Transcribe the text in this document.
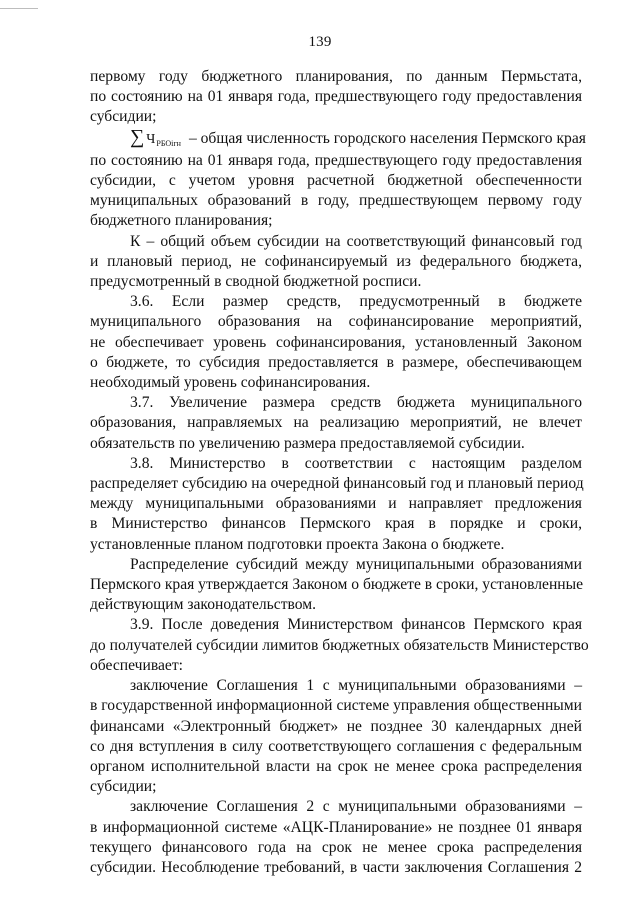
139
первому году бюджетного планирования, по данным Пермьстата,
по состоянию на 01 января года, предшествующего году предоставления
субсидии;
∑ Ч РБОiгн – общая численность городского населения Пермского края
по состоянию на 01 января года, предшествующего году предоставления
субсидии, с учетом уровня расчетной бюджетной обеспеченности
муниципальных образований в году, предшествующем первому году
бюджетного планирования;
К – общий объем субсидии на соответствующий финансовый год
и плановый период, не софинансируемый из федерального бюджета,
предусмотренный в сводной бюджетной росписи.
3.6. Если размер средств, предусмотренный в бюджете
муниципального образования на софинансирование мероприятий,
не обеспечивает уровень софинансирования, установленный Законом
о бюджете, то субсидия предоставляется в размере, обеспечивающем
необходимый уровень софинансирования.
3.7. Увеличение размера средств бюджета муниципального
образования, направляемых на реализацию мероприятий, не влечет
обязательств по увеличению размера предоставляемой субсидии.
3.8. Министерство в соответствии с настоящим разделом
распределяет субсидию на очередной финансовый год и плановый период
между муниципальными образованиями и направляет предложения
в Министерство финансов Пермского края в порядке и сроки,
установленные планом подготовки проекта Закона о бюджете.
Распределение субсидий между муниципальными образованиями
Пермского края утверждается Законом о бюджете в сроки, установленные
действующим законодательством.
3.9. После доведения Министерством финансов Пермского края
до получателей субсидии лимитов бюджетных обязательств Министерство
обеспечивает:
заключение Соглашения 1 с муниципальными образованиями –
в государственной информационной системе управления общественными
финансами «Электронный бюджет» не позднее 30 календарных дней
со дня вступления в силу соответствующего соглашения с федеральным
органом исполнительной власти на срок не менее срока распределения
субсидии;
заключение Соглашения 2 с муниципальными образованиями –
в информационной системе «АЦК-Планирование» не позднее 01 января
текущего финансового года на срок не менее срока распределения
субсидии. Несоблюдение требований, в части заключения Соглашения 2
